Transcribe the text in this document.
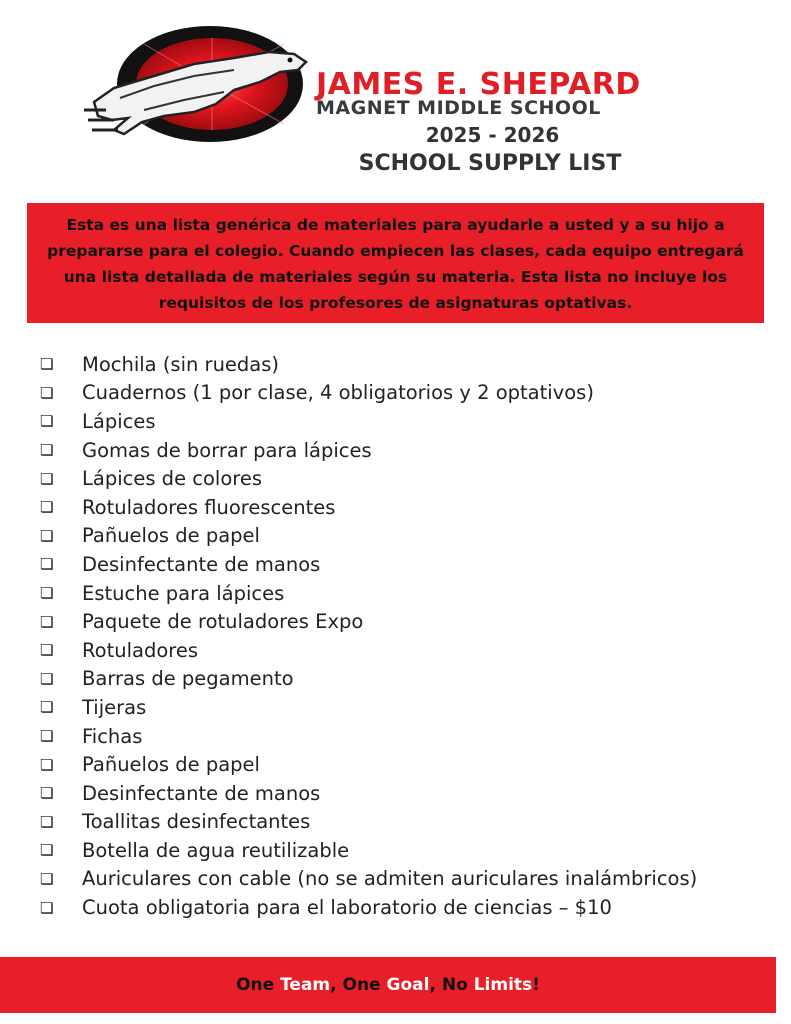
JAMES E. SHEPARD
MAGNET MIDDLE SCHOOL
2025 - 2026
SCHOOL SUPPLY LIST
Esta es una lista genérica de materiales para ayudarle a usted y a su hijo a prepararse para el colegio. Cuando empiecen las clases, cada equipo entregará una lista detallada de materiales según su materia. Esta lista no incluye los requisitos de los profesores de asignaturas optativas.
❏	Mochila (sin ruedas)
❏	Cuadernos (1 por clase, 4 obligatorios y 2 optativos)
❏	Lápices
❏	Gomas de borrar para lápices
❏	Lápices de colores
❏	Rotuladores fluorescentes
❏	Pañuelos de papel
❏	Desinfectante de manos
❏	Estuche para lápices
❏	Paquete de rotuladores Expo
❏	Rotuladores
❏	Barras de pegamento
❏	Tijeras
❏	Fichas
❏	Pañuelos de papel
❏	Desinfectante de manos
❏	Toallitas desinfectantes
❏	Botella de agua reutilizable
❏	Auriculares con cable (no se admiten auriculares inalámbricos)
❏	Cuota obligatoria para el laboratorio de ciencias – $10
One Team, One Goal, No Limits!
